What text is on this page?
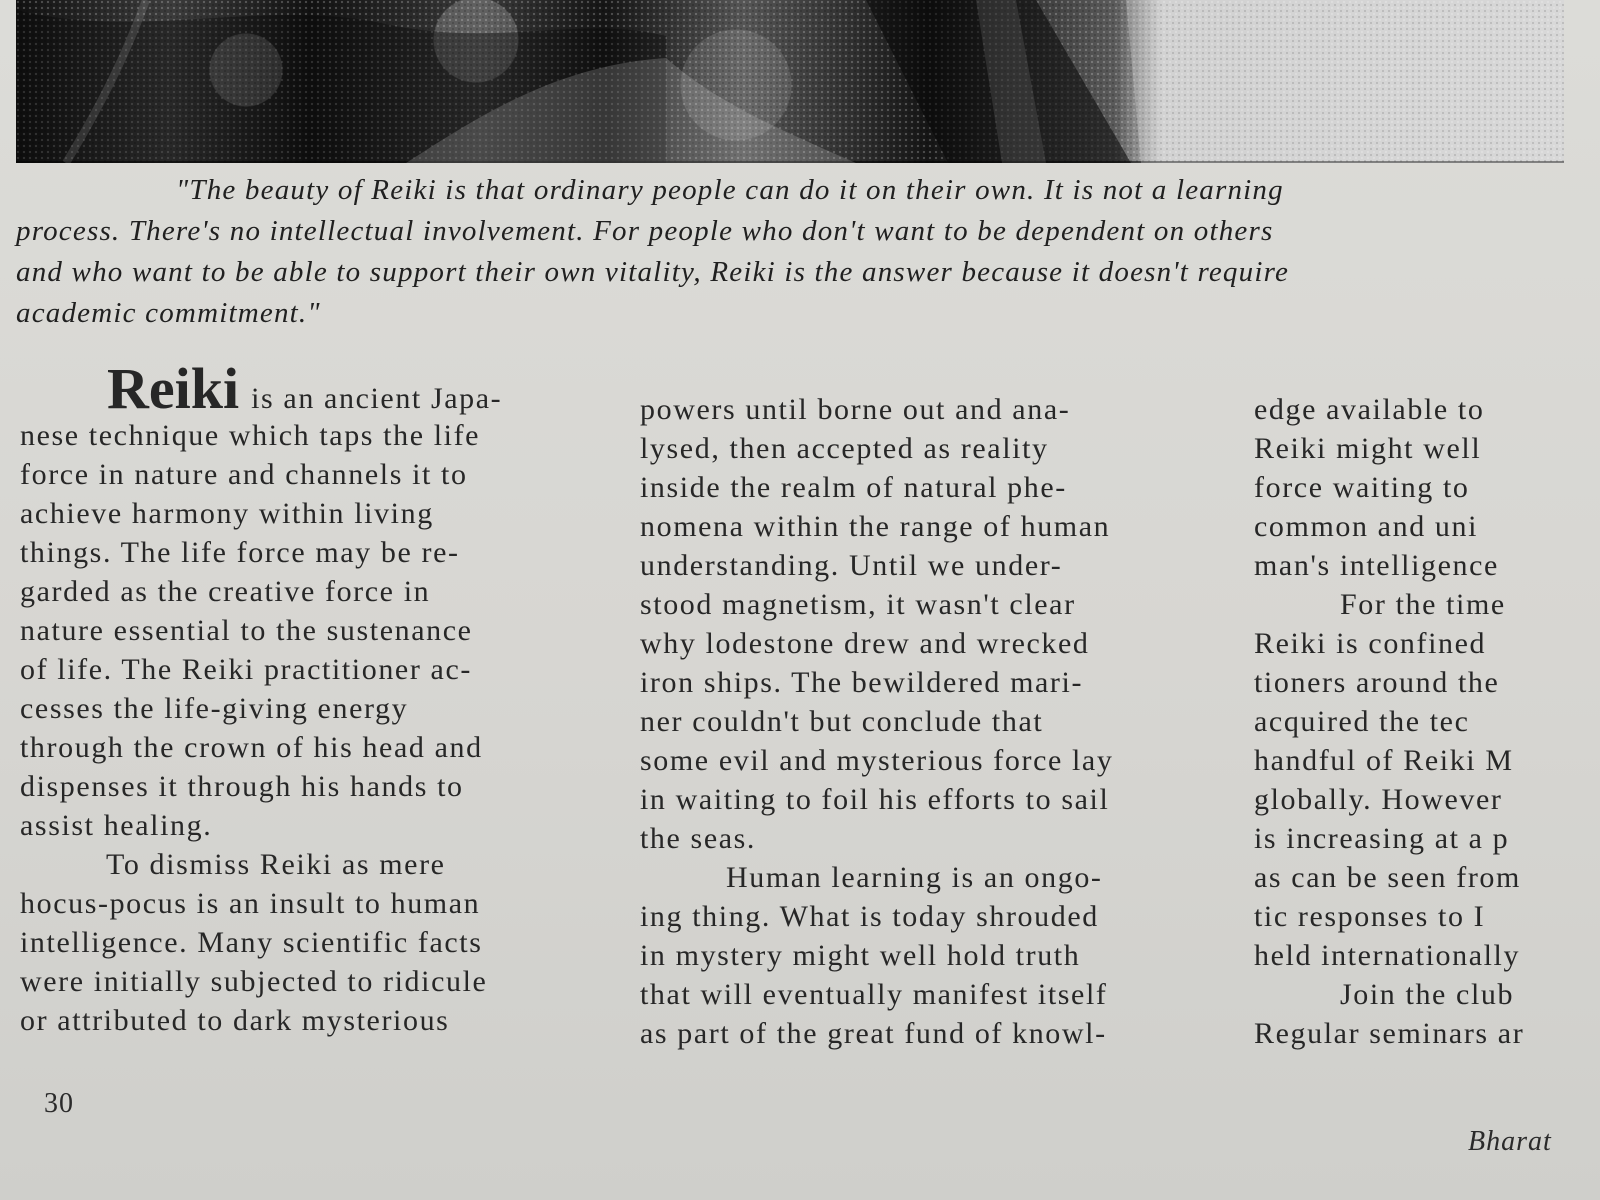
"The beauty of Reiki is that ordinary people can do it on their own. It is not a learning
process. There's no intellectual involvement. For people who don't want to be dependent on others
and who want to be able to support their own vitality, Reiki is the answer because it doesn't require
academic commitment."
Reiki is an ancient Japa-
nese technique which taps the life
force in nature and channels it to
achieve harmony within living
things. The life force may be re-
garded as the creative force in
nature essential to the sustenance
of life. The Reiki practitioner ac-
cesses the life-giving energy
through the crown of his head and
dispenses it through his hands to
assist healing.
To dismiss Reiki as mere
hocus-pocus is an insult to human
intelligence. Many scientific facts
were initially subjected to ridicule
or attributed to dark mysterious
powers until borne out and ana-
lysed, then accepted as reality
inside the realm of natural phe-
nomena within the range of human
understanding. Until we under-
stood magnetism, it wasn't clear
why lodestone drew and wrecked
iron ships. The bewildered mari-
ner couldn't but conclude that
some evil and mysterious force lay
in waiting to foil his efforts to sail
the seas.
Human learning is an ongo-
ing thing. What is today shrouded
in mystery might well hold truth
that will eventually manifest itself
as part of the great fund of knowl-
edge available to
Reiki might well
force waiting to
common and uni
man's intelligence
For the time
Reiki is confined
tioners around the
acquired the tec
handful of Reiki M
globally. However
is increasing at a p
as can be seen from
tic responses to I
held internationally
Join the club
Regular seminars ar
30
Bharat
